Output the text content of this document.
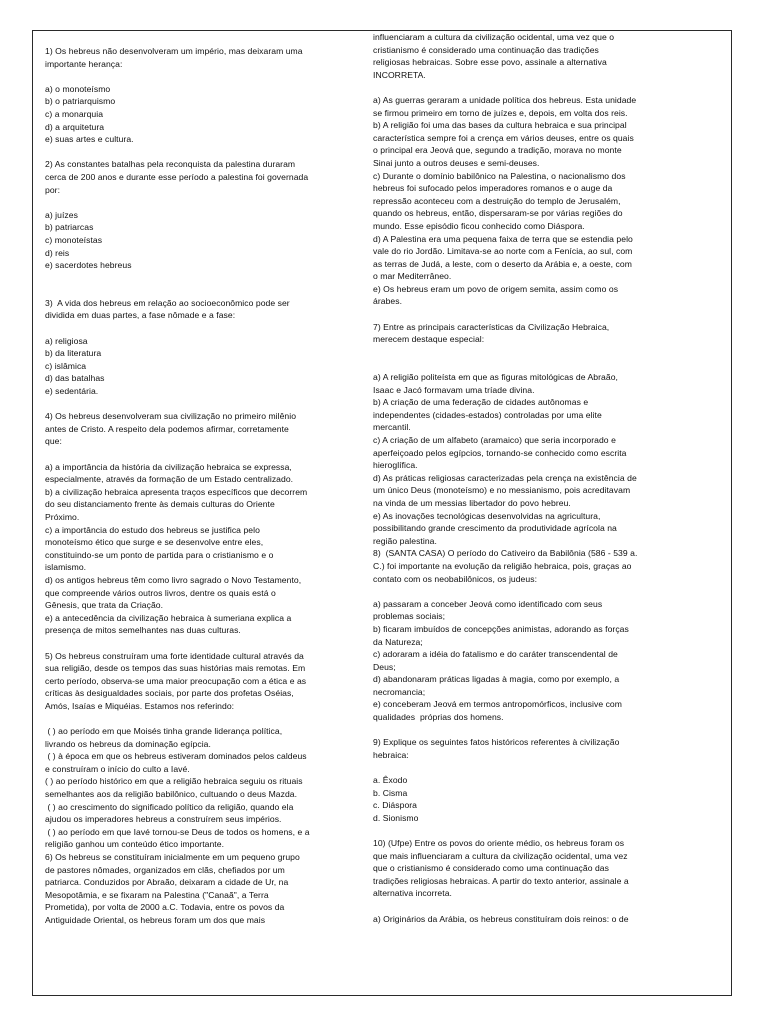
1) Os hebreus não desenvolveram um império, mas deixaram uma
importante herança:
a) o monoteísmo
b) o patriarquismo
c) a monarquia
d) a arquitetura
e) suas artes e cultura.
2) As constantes batalhas pela reconquista da palestina duraram
cerca de 200 anos e durante esse período a palestina foi governada
por:
a) juízes
b) patriarcas
c) monoteístas
d) reis
e) sacerdotes hebreus
3)  A vida dos hebreus em relação ao socioeconômico pode ser
dividida em duas partes, a fase nômade e a fase:
a) religiosa
b) da literatura
c) islâmica
d) das batalhas
e) sedentária.
4) Os hebreus desenvolveram sua civilização no primeiro milênio
antes de Cristo. A respeito dela podemos afirmar, corretamente
que:
a) a importância da história da civilização hebraica se expressa,
especialmente, através da formação de um Estado centralizado.
b) a civilização hebraica apresenta traços específicos que decorrem
do seu distanciamento frente às demais culturas do Oriente
Próximo.
c) a importância do estudo dos hebreus se justifica pelo
monoteísmo ético que surge e se desenvolve entre eles,
constituindo-se um ponto de partida para o cristianismo e o
islamismo.
d) os antigos hebreus têm como livro sagrado o Novo Testamento,
que compreende vários outros livros, dentre os quais está o
Gênesis, que trata da Criação.
e) a antecedência da civilização hebraica à sumeriana explica a
presença de mitos semelhantes nas duas culturas.
5) Os hebreus construíram uma forte identidade cultural através da
sua religião, desde os tempos das suas histórias mais remotas. Em
certo período, observa-se uma maior preocupação com a ética e as
críticas às desigualdades sociais, por parte dos profetas Oséias,
Amós, Isaías e Miquéias. Estamos nos referindo:
( ) ao período em que Moisés tinha grande liderança política,
livrando os hebreus da dominação egípcia.
( ) à época em que os hebreus estiveram dominados pelos caldeus
e construíram o início do culto a Iavé.
( ) ao período histórico em que a religião hebraica seguiu os rituais
semelhantes aos da religião babilônico, cultuando o deus Mazda.
( ) ao crescimento do significado político da religião, quando ela
ajudou os imperadores hebreus a construírem seus impérios.
( ) ao período em que Iavé tornou-se Deus de todos os homens, e a
religião ganhou um conteúdo ético importante.
6) Os hebreus se constituíram inicialmente em um pequeno grupo
de pastores nômades, organizados em clãs, chefiados por um
patriarca. Conduzidos por Abraão, deixaram a cidade de Ur, na
Mesopotâmia, e se fixaram na Palestina ("Canaã", a Terra
Prometida), por volta de 2000 a.C. Todavia, entre os povos da
Antiguidade Oriental, os hebreus foram um dos que mais
influenciaram a cultura da civilização ocidental, uma vez que o
cristianismo é considerado uma continuação das tradições
religiosas hebraicas. Sobre esse povo, assinale a alternativa
INCORRETA.
a) As guerras geraram a unidade política dos hebreus. Esta unidade
se firmou primeiro em torno de juízes e, depois, em volta dos reis.
b) A religião foi uma das bases da cultura hebraica e sua principal
característica sempre foi a crença em vários deuses, entre os quais
o principal era Jeová que, segundo a tradição, morava no monte
Sinai junto a outros deuses e semi-deuses.
c) Durante o domínio babilônico na Palestina, o nacionalismo dos
hebreus foi sufocado pelos imperadores romanos e o auge da
repressão aconteceu com a destruição do templo de Jerusalém,
quando os hebreus, então, dispersaram-se por várias regiões do
mundo. Esse episódio ficou conhecido como Diáspora.
d) A Palestina era uma pequena faixa de terra que se estendia pelo
vale do rio Jordão. Limitava-se ao norte com a Fenícia, ao sul, com
as terras de Judá, a leste, com o deserto da Arábia e, a oeste, com
o mar Mediterrâneo.
e) Os hebreus eram um povo de origem semita, assim como os
árabes.
7) Entre as principais características da Civilização Hebraica,
merecem destaque especial:
a) A religião politeísta em que as figuras mitológicas de Abraão,
Isaac e Jacó formavam uma tríade divina.
b) A criação de uma federação de cidades autônomas e
independentes (cidades-estados) controladas por uma elite
mercantil.
c) A criação de um alfabeto (aramaico) que seria incorporado e
aperfeiçoado pelos egípcios, tornando-se conhecido como escrita
hieroglífica.
d) As práticas religiosas caracterizadas pela crença na existência de
um único Deus (monoteísmo) e no messianismo, pois acreditavam
na vinda de um messias libertador do povo hebreu.
e) As inovações tecnológicas desenvolvidas na agricultura,
possibilitando grande crescimento da produtividade agrícola na
região palestina.
8)  (SANTA CASA) O período do Cativeiro da Babilônia (586 - 539 a.
C.) foi importante na evolução da religião hebraica, pois, graças ao
contato com os neobabilônicos, os judeus:
a) passaram a conceber Jeová como identificado com seus
problemas sociais;
b) ficaram imbuídos de concepções animistas, adorando as forças
da Natureza;
c) adoraram a idéia do fatalismo e do caráter transcendental de
Deus;
d) abandonaram práticas ligadas à magia, como por exemplo, a
necromancia;
e) conceberam Jeová em termos antropomórficos, inclusive com
qualidades  próprias dos homens.
9) Explique os seguintes fatos históricos referentes à civilização
hebraica:
a. Êxodo
b. Cisma
c. Diáspora
d. Sionismo
10) (Ufpe) Entre os povos do oriente médio, os hebreus foram os
que mais influenciaram a cultura da civilização ocidental, uma vez
que o cristianismo é considerado como uma continuação das
tradições religiosas hebraicas. A partir do texto anterior, assinale a
alternativa incorreta.
a) Originários da Arábia, os hebreus constituíram dois reinos: o de
